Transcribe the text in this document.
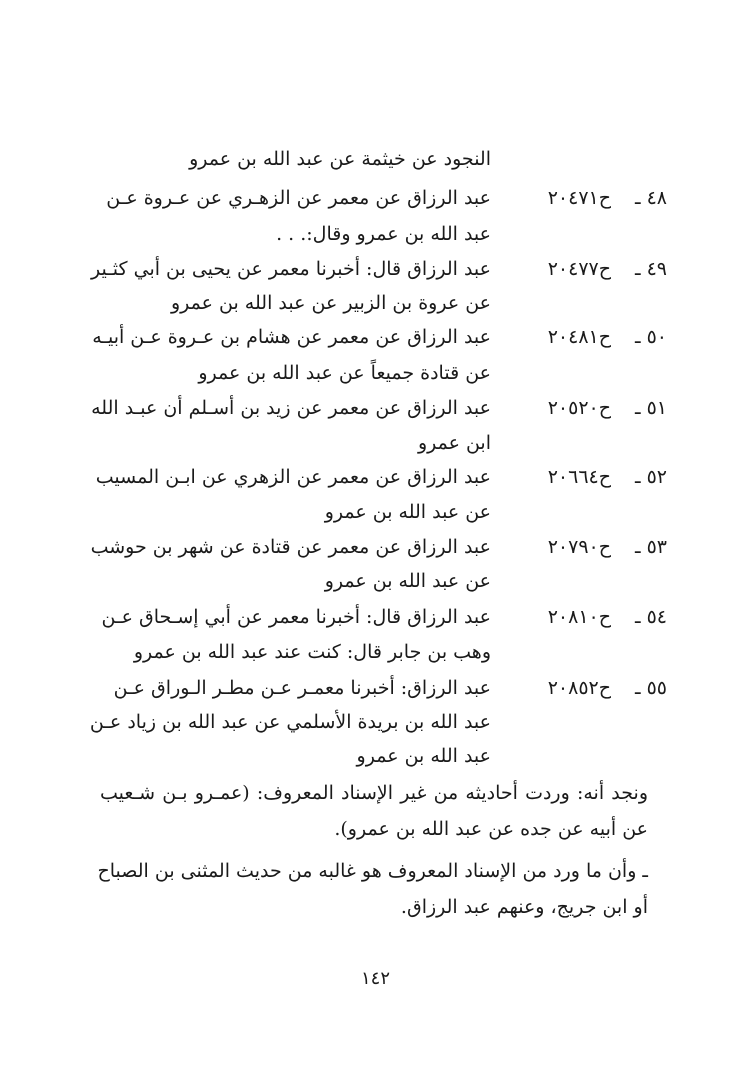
النجود عن خيثمة عن عبد الله بن عمرو
٤٨ ـ
ح٢٠٤٧١
عبد الرزاق عن معمر عن الزهـري عن عـروة عـن
عبد الله بن عمرو وقال:. . .
٤٩ ـ
ح٢٠٤٧٧
عبد الرزاق قال: أخبرنا معمر عن يحيى بن أبي كثـير
عن عروة بن الزبير عن عبد الله بن عمرو
٥٠ ـ
ح٢٠٤٨١
عبد الرزاق عن معمر عن هشام بن عـروة عـن أبيـه
عن قتادة جميعاً عن عبد الله بن عمرو
٥١ ـ
ح٢٠٥٢٠
عبد الرزاق عن معمر عن زيد بن أسـلم أن عبـد الله
ابن عمرو
٥٢ ـ
ح٢٠٦٦٤
عبد الرزاق عن معمر عن الزهري عن ابـن المسيب
عن عبد الله بن عمرو
٥٣ ـ
ح٢٠٧٩٠
عبد الرزاق عن معمر عن قتادة عن شهر بن حوشب
عن عبد الله بن عمرو
٥٤ ـ
ح٢٠٨١٠
عبد الرزاق قال: أخبرنا معمر عن أبي إسـحاق عـن
وهب بن جابر قال: كنت عند عبد الله بن عمرو
٥٥ ـ
ح٢٠٨٥٢
عبد الرزاق: أخبرنا معمـر عـن مطـر الـوراق عـن
عبد الله بن بريدة الأسلمي عن عبد الله بن زياد عـن
عبد الله بن عمرو
ونجد أنه: وردت أحاديثه من غير الإسناد المعروف: (عمـرو بـن شـعيب
عن أبيه عن جده عن عبد الله بن عمرو).
ـ وأن ما ورد من الإسناد المعروف هو غالبه من حديث المثنى بن الصباح
أو ابن جريج، وعنهم عبد الرزاق.
١٤٢
